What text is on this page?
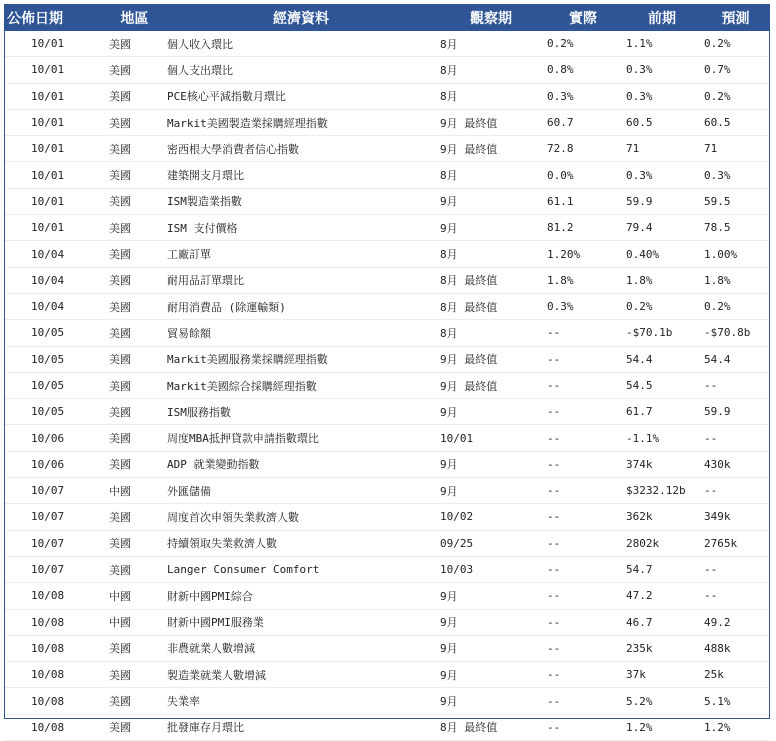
公佈日期	地區	經濟資料	觀察期	實際	前期	預測
10/01	美國	個人收入環比	8月	0.2%	1.1%	0.2%
10/01	美國	個人支出環比	8月	0.8%	0.3%	0.7%
10/01	美國	PCE核心平減指數月環比	8月	0.3%	0.3%	0.2%
10/01	美國	Markit美國製造業採購經理指數	9月 最終值	60.7	60.5	60.5
10/01	美國	密西根大學消費者信心指數	9月 最終值	72.8	71	71
10/01	美國	建築開支月環比	8月	0.0%	0.3%	0.3%
10/01	美國	ISM製造業指數	9月	61.1	59.9	59.5
10/01	美國	ISM 支付價格	9月	81.2	79.4	78.5
10/04	美國	工廠訂單	8月	1.20%	0.40%	1.00%
10/04	美國	耐用品訂單環比	8月 最終值	1.8%	1.8%	1.8%
10/04	美國	耐用消費品 (除運輸類)	8月 最終值	0.3%	0.2%	0.2%
10/05	美國	貿易餘額	8月	--	-$70.1b	-$70.8b
10/05	美國	Markit美國服務業採購經理指數	9月 最終值	--	54.4	54.4
10/05	美國	Markit美國綜合採購經理指數	9月 最終值	--	54.5	--
10/05	美國	ISM服務指數	9月	--	61.7	59.9
10/06	美國	周度MBA抵押貸款申請指數環比	10/01	--	-1.1%	--
10/06	美國	ADP 就業變動指數	9月	--	374k	430k
10/07	中國	外匯儲備	9月	--	$3232.12b	--
10/07	美國	周度首次申領失業救濟人數	10/02	--	362k	349k
10/07	美國	持續領取失業救濟人數	09/25	--	2802k	2765k
10/07	美國	Langer Consumer Comfort	10/03	--	54.7	--
10/08	中國	財新中國PMI綜合	9月	--	47.2	--
10/08	中國	財新中國PMI服務業	9月	--	46.7	49.2
10/08	美國	非農就業人數增減	9月	--	235k	488k
10/08	美國	製造業就業人數增減	9月	--	37k	25k
10/08	美國	失業率	9月	--	5.2%	5.1%
10/08	美國	批發庫存月環比	8月 最終值	--	1.2%	1.2%
